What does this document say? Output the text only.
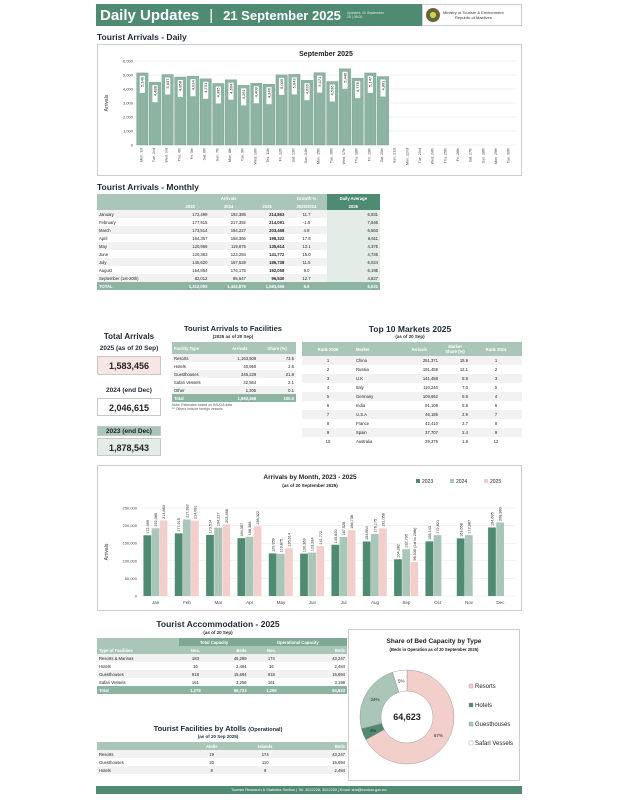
Daily Updates | 21 September 2025 Updated: 21 September 25 | 08:00
Ministry of Tourism & Environment
Republic of Maldives
Tourist Arrivals - Daily
September 2025
Arrivals
0
1,000
2,000
3,000
4,000
5,000
6,000
Mon, 1st
5,149
Tue, 2nd
4,488
Wed, 3rd
5,037
Thu, 4th
4,858
Fri, 5th
4,914
Sat, 6th
4,731
Sun, 7th
4,395
Mon, 8th
4,664
Tue, 9th
4,261
Wed, 10th
4,408
Thu, 11th
4,346
Fri, 12th
5,009
Sat, 13th
5,043
Sun, 14th
4,626
Mon, 15th
5,171
Tue, 16th
4,536
Wed, 17th
5,446
Thu, 18th
4,778
Fri, 19th
5,147
Sat, 20th
4,891
Sun, 21st Mon, 22nd Tue, 23rd Wed, 24th Thu, 25th Fri, 26th Sat, 27th Sun, 28th Mon, 29th Tue, 30th
Tourist Arrivals - Monthly
	Arrivals			Growth %	Daily Average
	2023	2024	2025	2025/2024	2025
January	172,499	192,385	214,863	11.7	6,931
February	177,915	217,392	214,091	-1.5	7,646
March	173,514	194,227	203,468	4.8	6,563
April	164,357	168,366	198,322	17.8	6,611
May	120,959	119,875	135,614	13.1	4,375
June	120,363	123,284	141,772	15.0	4,726
July	145,620	167,528	186,738	11.5	6,024
August	154,854	176,175	192,058	9.0	6,195
September (1st-20th)	82,012	85,647	96,530	12.7	4,827
TOTAL	1,312,093	1,444,879	1,583,456	9.6	6,021
Total Arrivals
2025 (as of 20 Sep)
1,583,456
2024 (end Dec)
2,046,615
2023 (end Dec)
1,878,543
Tourist Arrivals to Facilities
(2025 as of 20 Sep)
Facility Type	Arrivals	Share (%)
Resorts	1,163,509	73.5
Hotels	40,950	2.6
Guesthouses	345,229	21.8
Safari Vessels	32,564	2.1
Other	1,205	0.1
Total	1,583,456	100.0
Note: Estimates based on IMUGA data
** Others include foreign vessels
Top 10 Markets 2025
(as of 20 Sep)
Rank 2025	Market	Arrivals	Market Share (%)	Rank 2024
1	China	251,371	15.9	1
2	Russia	191,459	12.1	2
3	U.K	141,458	8.9	3
4	Italy	110,240	7.0	5
5	Germany	109,662	6.9	4
6	India	91,109	5.8	6
7	U.S.A	46,185	2.9	7
8	France	42,410	2.7	8
9	Spain	37,707	2.4	9
10	Australia	29,375	1.9	12
Arrivals by Month, 2023 - 2025
(as of 20 September 2025)
2023	2024	2025
Arrivals
0
50,000
100,000
150,000
200,000
250,000
Jan
172,499
192,385
214,863
Feb
177,915
217,392 214,091
Mar
173,514
194,227 203,468
Apr
164,357 168,366
198,322
May
120,959 119,875 135,614
Jun
120,363 123,284 141,772
Jul
145,620
167,528 186,738
Aug
154,854
176,175 192,058
Sep
104,382
132,795 96,530 (1st to 20th)
Oct
155,143 172,821
Nov
163,658 172,987
Dec
194,695 208,980
Tourist Accommodation - 2025
(as of 20 Sep)
	Total Capacity		Operational Capacity	
Type of Facilities	Nos.	Beds	Nos.	Beds
Resorts & Marinas	183	45,289	174	43,247
Hotels	16	2,484	16	2,484
Guesthouses	918	15,694	918	15,694
Safari Vessels	161	3,256	161	3,198
Total	1,278	66,723	1,269	64,623
Tourist Facilities by Atolls (Operational)
(as of 20 Sep 2025)
	Atolls	Islands	Beds
Resorts	19	174	43,247
Guesthouses	20	110	15,694
Hotels	8	9	2,484
Share of Bed Capacity by Type
(Beds in Operation as of 20 September 2025)
67%
4%
24%
5%
64,623
Resorts
Hotels
Guesthouses
Safari Vessels
Tourism Research & Statistics Section | Tel: 3022226, 3022250 | Email: stat@tourism.gov.mv
